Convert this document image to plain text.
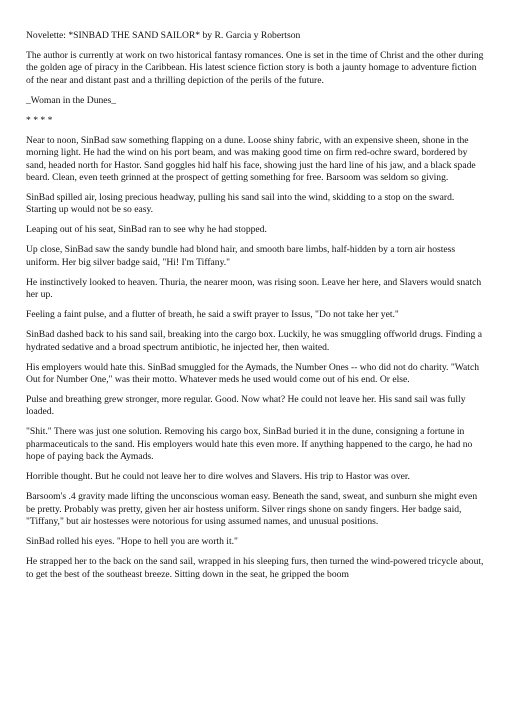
Novelette: *SINBAD THE SAND SAILOR* by R. Garcia y Robertson

The author is currently at work on two historical fantasy romances. One is set in the time of Christ and the other during the golden age of piracy in the Caribbean. His latest science fiction story is both a jaunty homage to adventure fiction of the near and distant past and a thrilling depiction of the perils of the future.

_Woman in the Dunes_

* * * *

Near to noon, SinBad saw something flapping on a dune. Loose shiny fabric, with an expensive sheen, shone in the morning light. He had the wind on his port beam, and was making good time on firm red-ochre sward, bordered by sand, headed north for Hastor. Sand goggles hid half his face, showing just the hard line of his jaw, and a black spade beard. Clean, even teeth grinned at the prospect of getting something for free. Barsoom was seldom so giving.

SinBad spilled air, losing precious headway, pulling his sand sail into the wind, skidding to a stop on the sward. Starting up would not be so easy.

Leaping out of his seat, SinBad ran to see why he had stopped.

Up close, SinBad saw the sandy bundle had blond hair, and smooth bare limbs, half-hidden by a torn air hostess uniform. Her big silver badge said, "Hi! I'm Tiffany."

He instinctively looked to heaven. Thuria, the nearer moon, was rising soon. Leave her here, and Slavers would snatch her up.

Feeling a faint pulse, and a flutter of breath, he said a swift prayer to Issus, "Do not take her yet."

SinBad dashed back to his sand sail, breaking into the cargo box. Luckily, he was smuggling offworld drugs. Finding a hydrated sedative and a broad spectrum antibiotic, he injected her, then waited.

His employers would hate this. SinBad smuggled for the Aymads, the Number Ones -- who did not do charity. "Watch Out for Number One," was their motto. Whatever meds he used would come out of his end. Or else.

Pulse and breathing grew stronger, more regular. Good. Now what? He could not leave her. His sand sail was fully loaded.

"Shit." There was just one solution. Removing his cargo box, SinBad buried it in the dune, consigning a fortune in pharmaceuticals to the sand. His employers would hate this even more. If anything happened to the cargo, he had no hope of paying back the Aymads.

Horrible thought. But he could not leave her to dire wolves and Slavers. His trip to Hastor was over.

Barsoom's .4 gravity made lifting the unconscious woman easy. Beneath the sand, sweat, and sunburn she might even be pretty. Probably was pretty, given her air hostess uniform. Silver rings shone on sandy fingers. Her badge said, "Tiffany," but air hostesses were notorious for using assumed names, and unusual positions.

SinBad rolled his eyes. "Hope to hell you are worth it."

He strapped her to the back on the sand sail, wrapped in his sleeping furs, then turned the wind-powered tricycle about, to get the best of the southeast breeze. Sitting down in the seat, he gripped the boom
